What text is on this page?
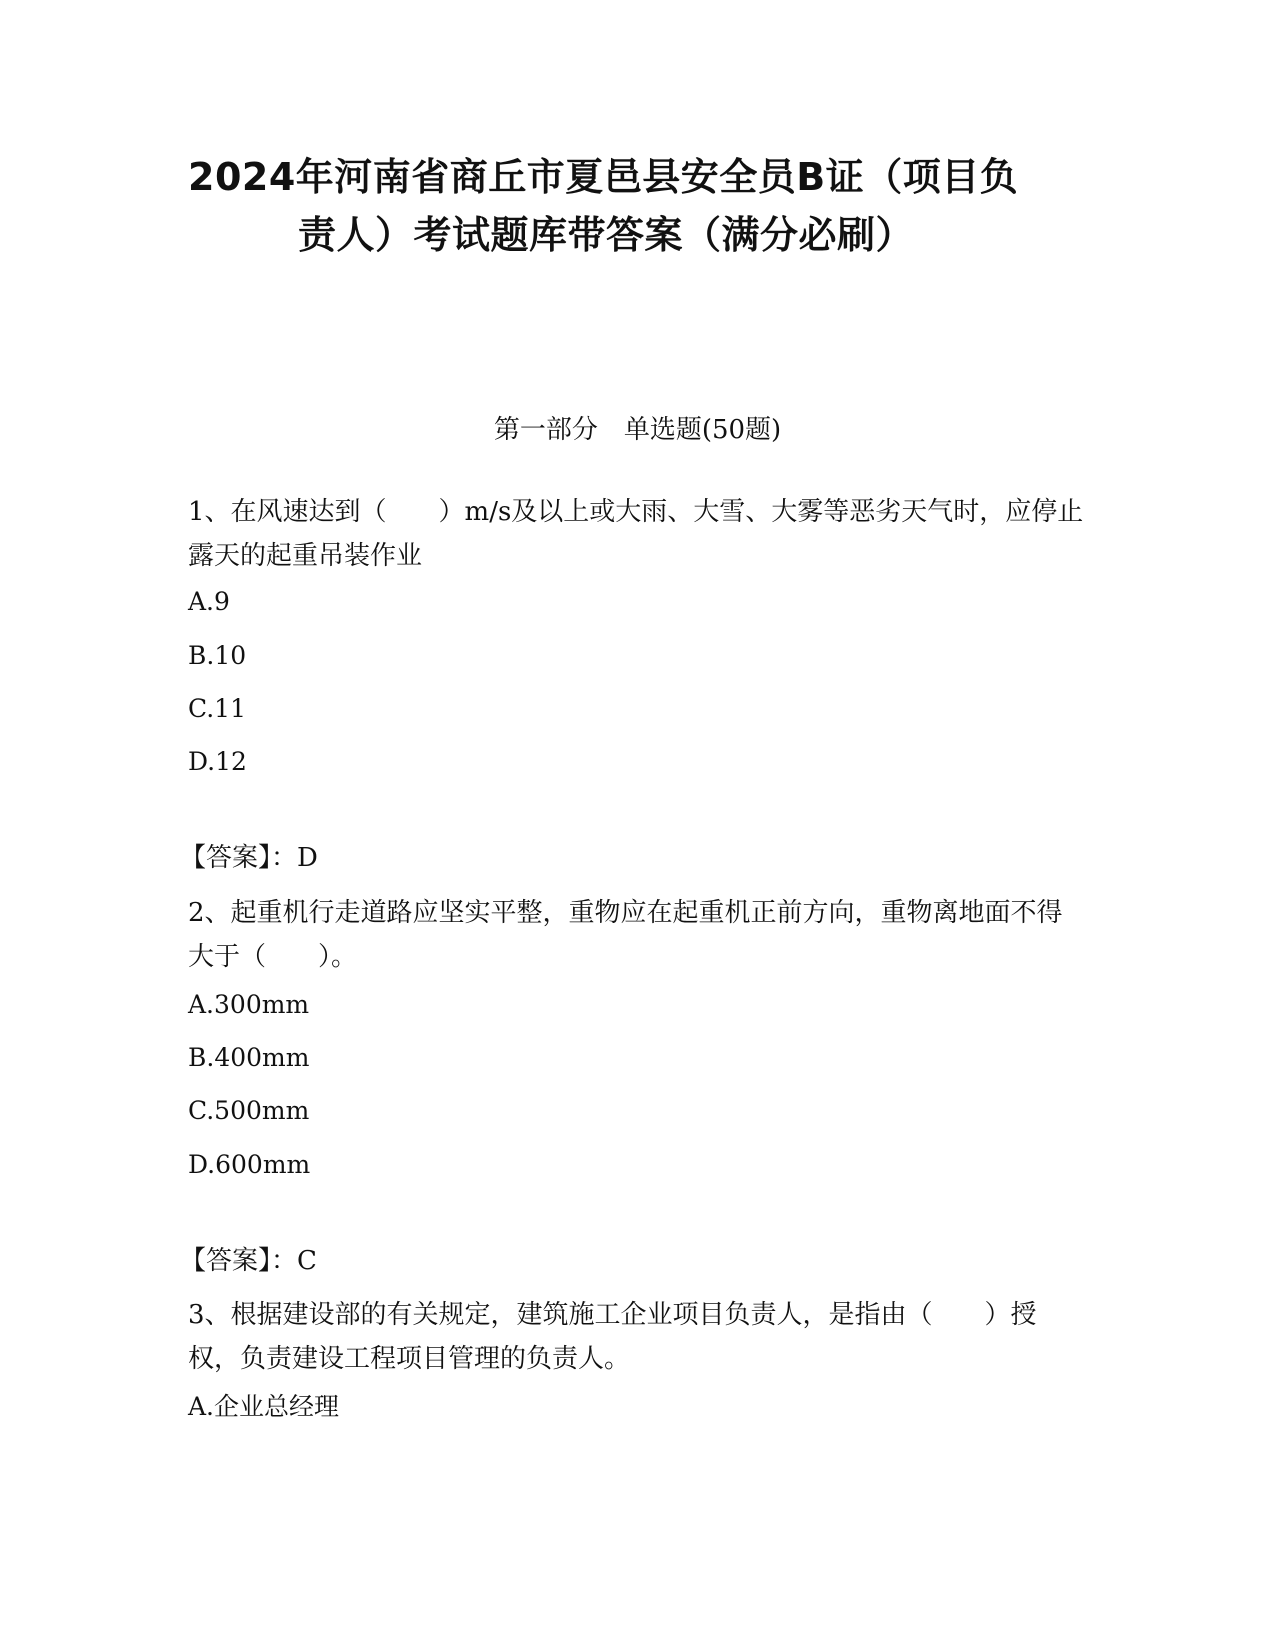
2024年河南省商丘市夏邑县安全员B证（项目负
责人）考试题库带答案（满分必刷）
第一部分　单选题(50题)

1、在风速达到（　　）m/s及以上或大雨、大雪、大雾等恶劣天气时，应停止露天的起重吊装作业

A.9

B.10

C.11

D.12

【答案】：D

2、起重机行走道路应坚实平整，重物应在起重机正前方向，重物离地面不得大于（　　）。

A.300mm

B.400mm

C.500mm

D.600mm

【答案】：C

3、根据建设部的有关规定，建筑施工企业项目负责人，是指由（　　）授权，负责建设工程项目管理的负责人。

A.企业总经理
